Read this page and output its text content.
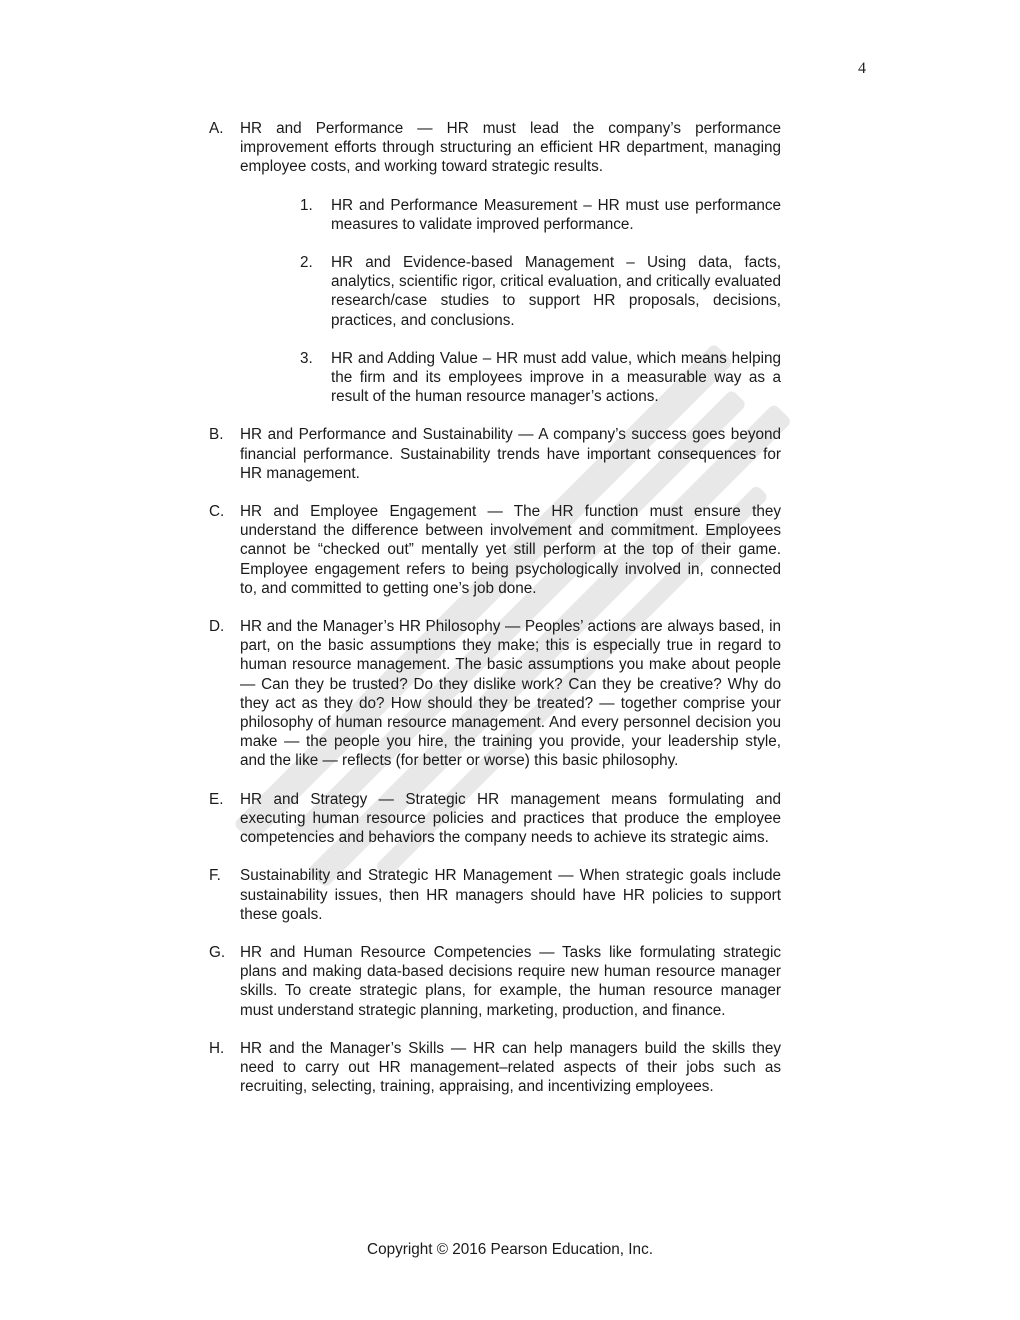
4
A. HR and Performance — HR must lead the company’s performance improvement efforts through structuring an efficient HR department, managing employee costs, and working toward strategic results.
1. HR and Performance Measurement – HR must use performance measures to validate improved performance.
2. HR and Evidence-based Management – Using data, facts, analytics, scientific rigor, critical evaluation, and critically evaluated research/case studies to support HR proposals, decisions, practices, and conclusions.
3. HR and Adding Value – HR must add value, which means helping the firm and its employees improve in a measurable way as a result of the human resource manager’s actions.
B. HR and Performance and Sustainability — A company’s success goes beyond financial performance. Sustainability trends have important consequences for HR management.
C. HR and Employee Engagement — The HR function must ensure they understand the difference between involvement and commitment. Employees cannot be “checked out” mentally yet still perform at the top of their game. Employee engagement refers to being psychologically involved in, connected to, and committed to getting one’s job done.
D. HR and the Manager’s HR Philosophy — Peoples’ actions are always based, in part, on the basic assumptions they make; this is especially true in regard to human resource management. The basic assumptions you make about people — Can they be trusted? Do they dislike work? Can they be creative? Why do they act as they do? How should they be treated? — together comprise your philosophy of human resource management. And every personnel decision you make — the people you hire, the training you provide, your leadership style, and the like — reflects (for better or worse) this basic philosophy.
E. HR and Strategy — Strategic HR management means formulating and executing human resource policies and practices that produce the employee competencies and behaviors the company needs to achieve its strategic aims.
F. Sustainability and Strategic HR Management — When strategic goals include sustainability issues, then HR managers should have HR policies to support these goals.
G. HR and Human Resource Competencies — Tasks like formulating strategic plans and making data-based decisions require new human resource manager skills. To create strategic plans, for example, the human resource manager must understand strategic planning, marketing, production, and finance.
H. HR and the Manager’s Skills — HR can help managers build the skills they need to carry out HR management–related aspects of their jobs such as recruiting, selecting, training, appraising, and incentivizing employees.
Copyright © 2016 Pearson Education, Inc.
